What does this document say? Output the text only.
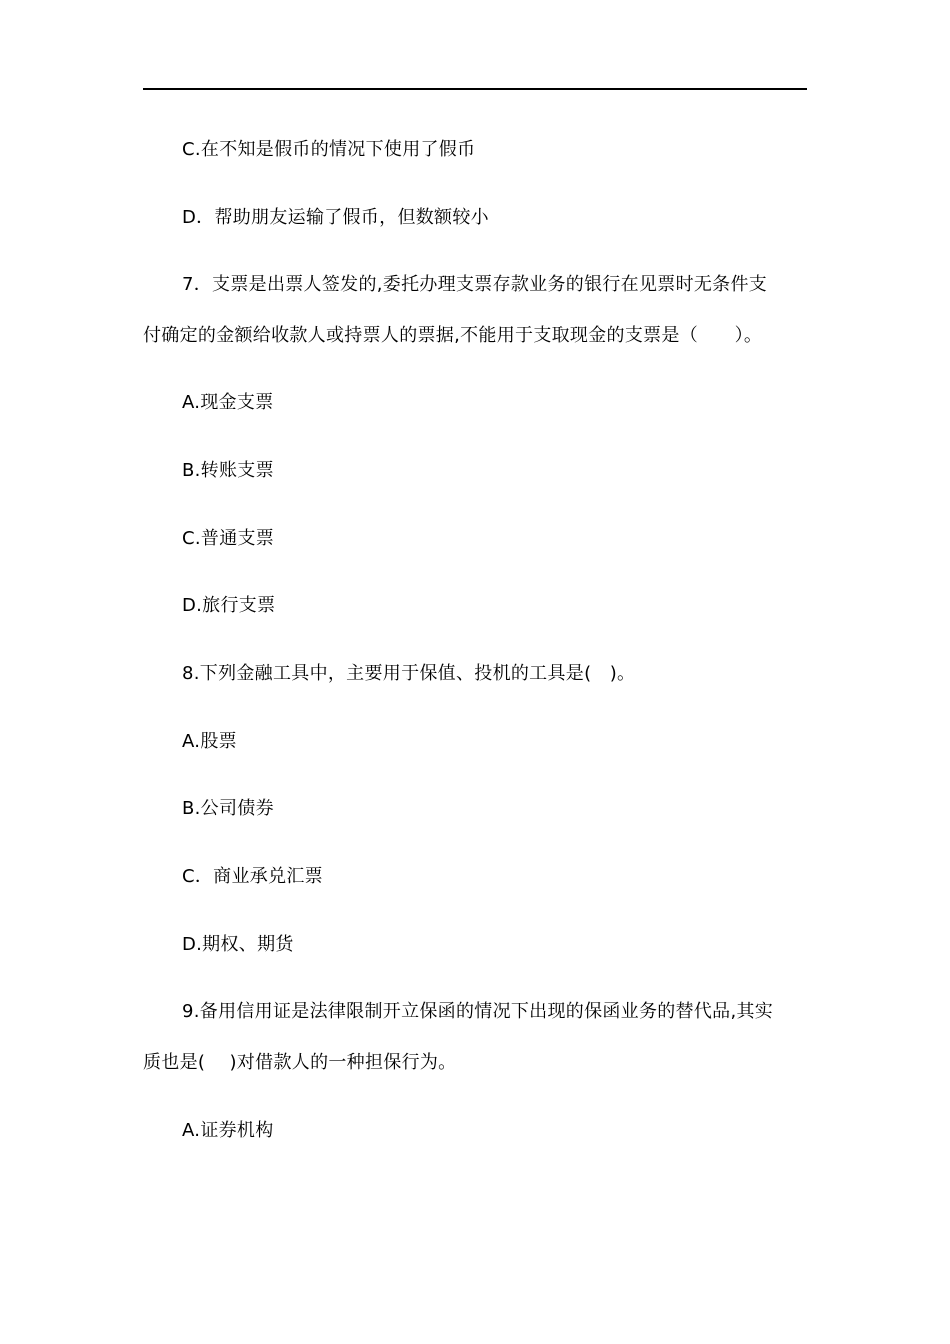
C.在不知是假币的情况下使用了假币
D．帮助朋友运输了假币，但数额较小
7．支票是出票人签发的,委托办理支票存款业务的银行在见票时无条件支
付确定的金额给收款人或持票人的票据,不能用于支取现金的支票是（　　）。
A.现金支票
B.转账支票
C.普通支票
D.旅行支票
8.下列金融工具中，主要用于保值、投机的工具是(　)。
A.股票
B.公司债券
C．商业承兑汇票
D.期权、期货
9.备用信用证是法律限制开立保函的情况下出现的保函业务的替代品,其实
质也是(　 )对借款人的一种担保行为。
A.证券机构
